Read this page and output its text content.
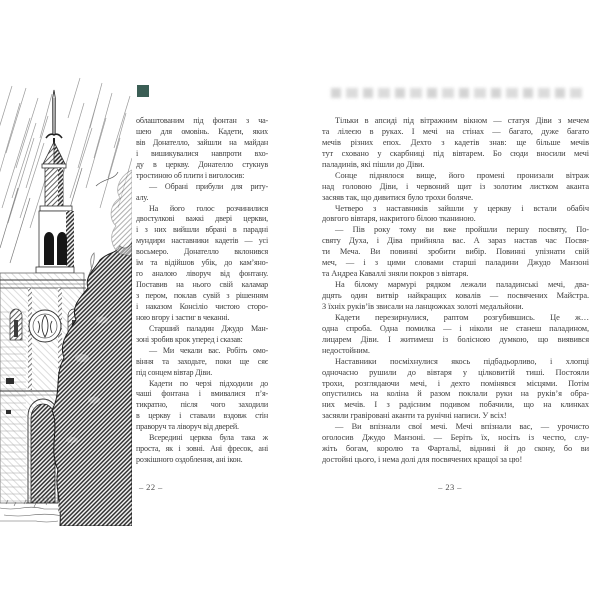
облаштованим під фонтан з ча-
шею для омовінь. Кадети, яких
вів Донателло, зайшли на майдан
і вишикувалися навпроти вхо-
ду в церкву. Донателло стукнув
тростиною об плити і виголосив:
— Обрані прибули для риту-
алу.
На його голос розчинилися
двостулкові важкі двері церкви,
і з них вийшли вбрані в парадні
мундири наставники кадетів — усі
восьмеро. Донателло вклонився
їм та відійшов убік, до кам’яно-
го аналою ліворуч від фонтану.
Поставив на нього свій каламар
з пером, поклав сувій з рішенням
і наказом Консіліо чистою сторо-
ною вгору і застиг в чеканні.
Старший паладин Джудо Ман-
зоні зробив крок уперед і сказав:
— Ми чекали вас. Робіть омо-
віння та заходьте, поки ще сяє
під сонцем вівтар Діви.
Кадети по черзі підходили до
чаші фонтана і вмивалися п’я-
тикратно, після чого заходили
в церкву і ставали вздовж стін
праворуч та ліворуч від дверей.
Всередині церква була така ж
проста, як і зовні. Ані фресок, ані
розкішного оздоблення, ані ікон.
Тільки в апсиді під вітражним вікном — статуя Діви з мечем
та лілеєю в руках. І мечі на стінах — багато, дуже багато
мечів різних епох. Дехто з кадетів знав: ще більше мечів
тут сховано у скарбниці під вівтарем. Бо сюди вносили мечі
паладинів, які пішли до Діви.
Сонце піднялося вище, його промені пронизали вітраж
над головою Діви, і червоний щит із золотим листком аканта
засяяв так, що дивитися було трохи боляче.
Четверо з наставників зайшли у церкву і встали обабіч
довгого вівтаря, накритого білою тканиною.
— Пів року тому ви вже пройшли першу посвяту, По-
святу Духа, і Діва прийняла вас. А зараз настав час Посвя-
ти Меча. Ви повинні зробити вибір. Повинні упізнати свій
меч, — і з цими словами старші паладини Джудо Манзоні
та Андреа Каваллі зняли покров з вівтаря.
На білому мармурі рядком лежали паладинські мечі, два-
дцять один витвір найкращих ковалів — посвячених Майстра.
З їхніх руків’їв звисали на ланцюжках золоті медальйони.
Кадети перезирнулися, раптом розгубившись. Це ж…
одна спроба. Одна помилка — і ніколи не станеш паладином,
лицарем Діви. І житимеш із болісною думкою, що виявився
недостойним.
Наставники посміхнулися якось підбадьорливо, і хлопці
одночасно рушили до вівтаря у цілковитій тиші. Постояли
трохи, розглядаючи мечі, і дехто помінявся місцями. Потім
опустились на коліна й разом поклали руки на руків’я обра-
них мечів. І з радісним подивом побачили, що на клинках
засяяли гравіровані аканти та рунічні написи. У всіх!
— Ви впізнали свої мечі. Мечі впізнали вас, — урочисто
оголосив Джудо Манзоні. — Беріть їх, носіть із честю, слу-
жіть богам, королю та Фартальї, віднині й до скону, бо ви
достойні цього, і нема долі для посвячених кращої за цю!
– 22 –	– 23 –
